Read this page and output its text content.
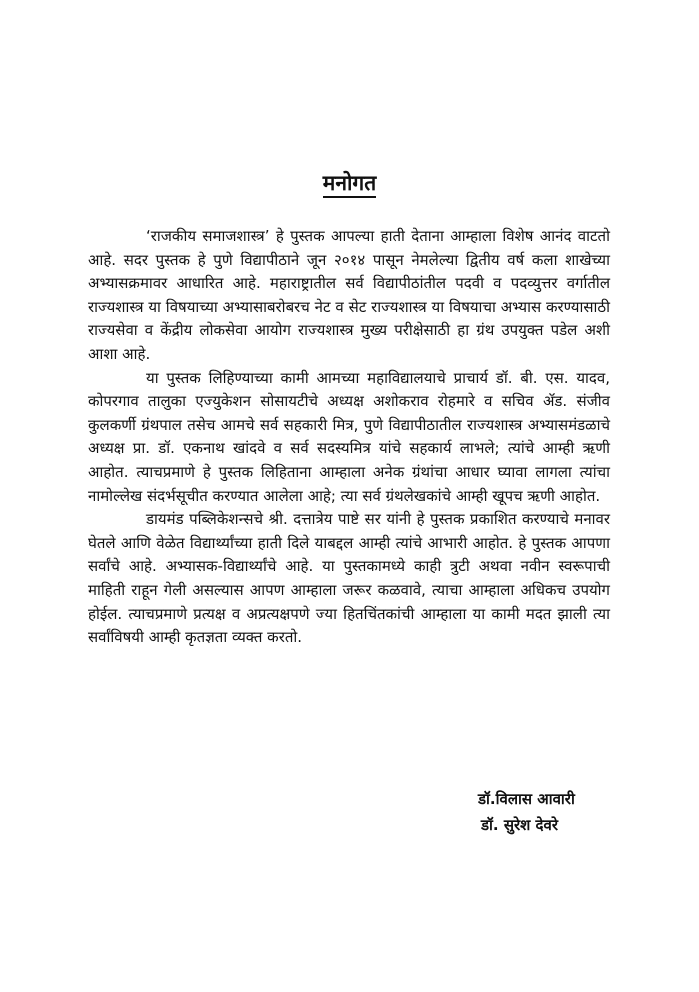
मनोगत

‘राजकीय समाजशास्त्र’ हे पुस्तक आपल्या हाती देताना आम्हाला विशेष आनंद वाटतो आहे. सदर पुस्तक हे पुणे विद्यापीठाने जून २०१४ पासून नेमलेल्या द्वितीय वर्ष कला शाखेच्या अभ्यासक्रमावर आधारित आहे. महाराष्ट्रातील सर्व विद्यापीठांतील पदवी व पदव्युत्तर वर्गातील राज्यशास्त्र या विषयाच्या अभ्यासाबरोबरच नेट व सेट राज्यशास्त्र या विषयाचा अभ्यास करण्यासाठी राज्यसेवा व केंद्रीय लोकसेवा आयोग राज्यशास्त्र मुख्य परीक्षेसाठी हा ग्रंथ उपयुक्त पडेल अशी आशा आहे.

या पुस्तक लिहिण्याच्या कामी आमच्या महाविद्यालयाचे प्राचार्य डॉ. बी. एस. यादव, कोपरगाव तालुका एज्युकेशन सोसायटीचे अध्यक्ष अशोकराव रोहमारे व सचिव ॲड. संजीव कुलकर्णी ग्रंथपाल तसेच आमचे सर्व सहकारी मित्र, पुणे विद्यापीठातील राज्यशास्त्र अभ्यासमंडळाचे अध्यक्ष प्रा. डॉ. एकनाथ खांदवे व सर्व सदस्यमित्र यांचे सहकार्य लाभले; त्यांचे आम्ही ऋणी आहोत. त्याचप्रमाणे हे पुस्तक लिहिताना आम्हाला अनेक ग्रंथांचा आधार घ्यावा लागला त्यांचा नामोल्लेख संदर्भसूचीत करण्यात आलेला आहे; त्या सर्व ग्रंथलेखकांचे आम्ही खूपच ऋणी आहोत.

डायमंड पब्लिकेशन्सचे श्री. दत्तात्रेय पाष्टे सर यांनी हे पुस्तक प्रकाशित करण्याचे मनावर घेतले आणि वेळेत विद्यार्थ्यांच्या हाती दिले याबद्दल आम्ही त्यांचे आभारी आहोत. हे पुस्तक आपणा सर्वांचे आहे. अभ्यासक-विद्यार्थ्यांचे आहे. या पुस्तकामध्ये काही त्रुटी अथवा नवीन स्वरूपाची माहिती राहून गेली असल्यास आपण आम्हाला जरूर कळवावे, त्याचा आम्हाला अधिकच उपयोग होईल. त्याचप्रमाणे प्रत्यक्ष व अप्रत्यक्षपणे ज्या हितचिंतकांची आम्हाला या कामी मदत झाली त्या सर्वांविषयी आम्ही कृतज्ञता व्यक्त करतो.

डॉ.विलास आवारी
डॉ. सुरेश देवरे
